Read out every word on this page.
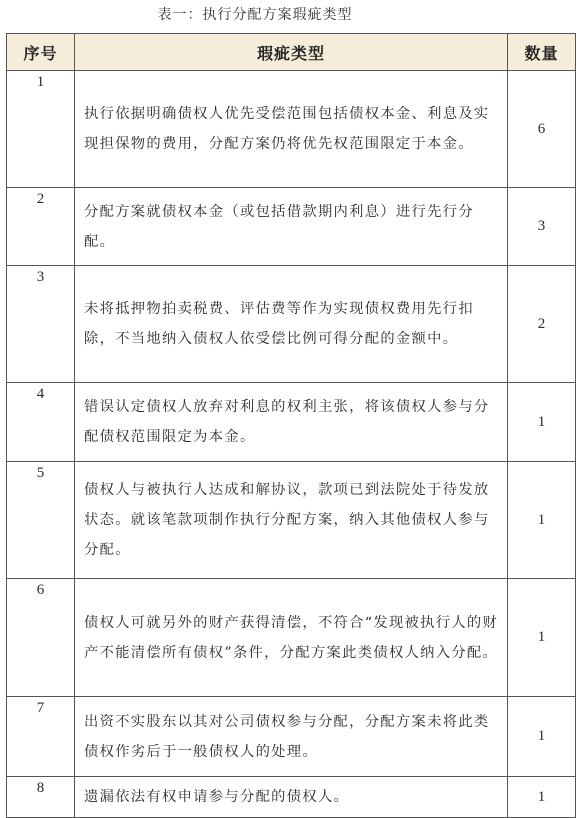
表一：执行分配方案瑕疵类型
序号	瑕疵类型	数量
1	执行依据明确债权人优先受偿范围包括债权本金、利息及实现担保物的费用，分配方案仍将优先权范围限定于本金。	6
2	分配方案就债权本金（或包括借款期内利息）进行先行分配。	3
3	未将抵押物拍卖税费、评估费等作为实现债权费用先行扣除，不当地纳入债权人依受偿比例可得分配的金额中。	2
4	错误认定债权人放弃对利息的权利主张，将该债权人参与分配债权范围限定为本金。	1
5	债权人与被执行人达成和解协议，款项已到法院处于待发放状态。就该笔款项制作执行分配方案，纳入其他债权人参与分配。	1
6	债权人可就另外的财产获得清偿，不符合“发现被执行人的财产不能清偿所有债权”条件，分配方案此类债权人纳入分配。	1
7	出资不实股东以其对公司债权参与分配，分配方案未将此类债权作劣后于一般债权人的处理。	1
8	遗漏依法有权申请参与分配的债权人。	1
